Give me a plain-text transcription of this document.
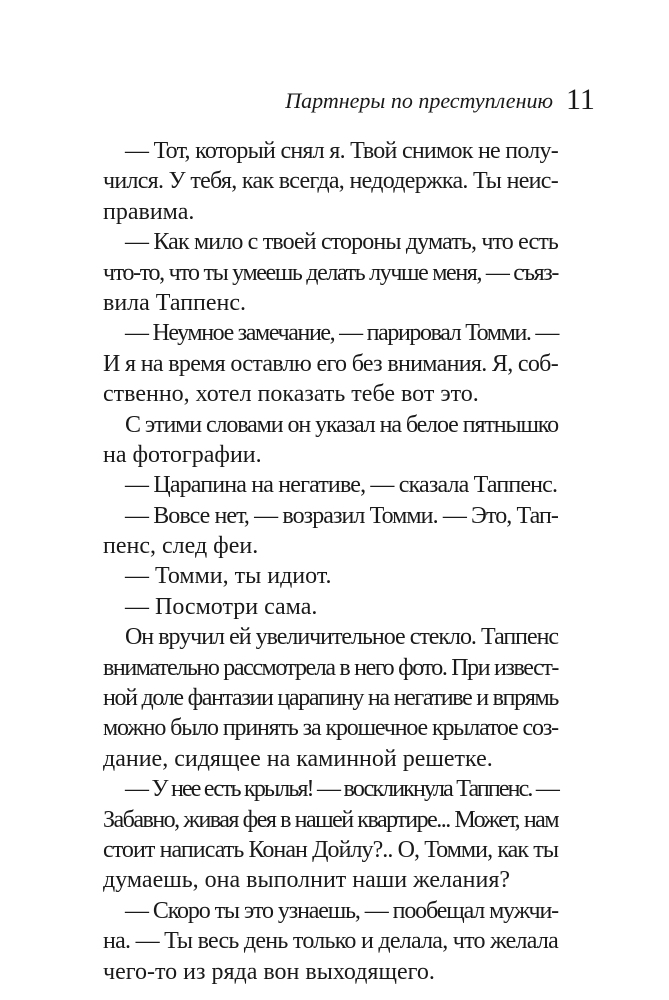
Партнеры по преступлению 11
— Тот, который снял я. Твой снимок не полу-
чился. У тебя, как всегда, недодержка. Ты неис-
правима.
— Как мило с твоей стороны думать, что есть
что-то, что ты умеешь делать лучше меня, — съяз-
вила Таппенс.
— Неумное замечание, — парировал Томми. —
И я на время оставлю его без внимания. Я, соб-
ственно, хотел показать тебе вот это.
С этими словами он указал на белое пятнышко
на фотографии.
— Царапина на негативе, — сказала Таппенс.
— Вовсе нет, — возразил Томми. — Это, Тап-
пенс, след феи.
— Томми, ты идиот.
— Посмотри сама.
Он вручил ей увеличительное стекло. Таппенс
внимательно рассмотрела в него фото. При извест-
ной доле фантазии царапину на негативе и впрямь
можно было принять за крошечное крылатое соз-
дание, сидящее на каминной решетке.
— У нее есть крылья! — воскликнула Таппенс. —
Забавно, живая фея в нашей квартире... Может, нам
стоит написать Конан Дойлу?.. О, Томми, как ты
думаешь, она выполнит наши желания?
— Скоро ты это узнаешь, — пообещал мужчи-
на. — Ты весь день только и делала, что желала
чего-то из ряда вон выходящего.
